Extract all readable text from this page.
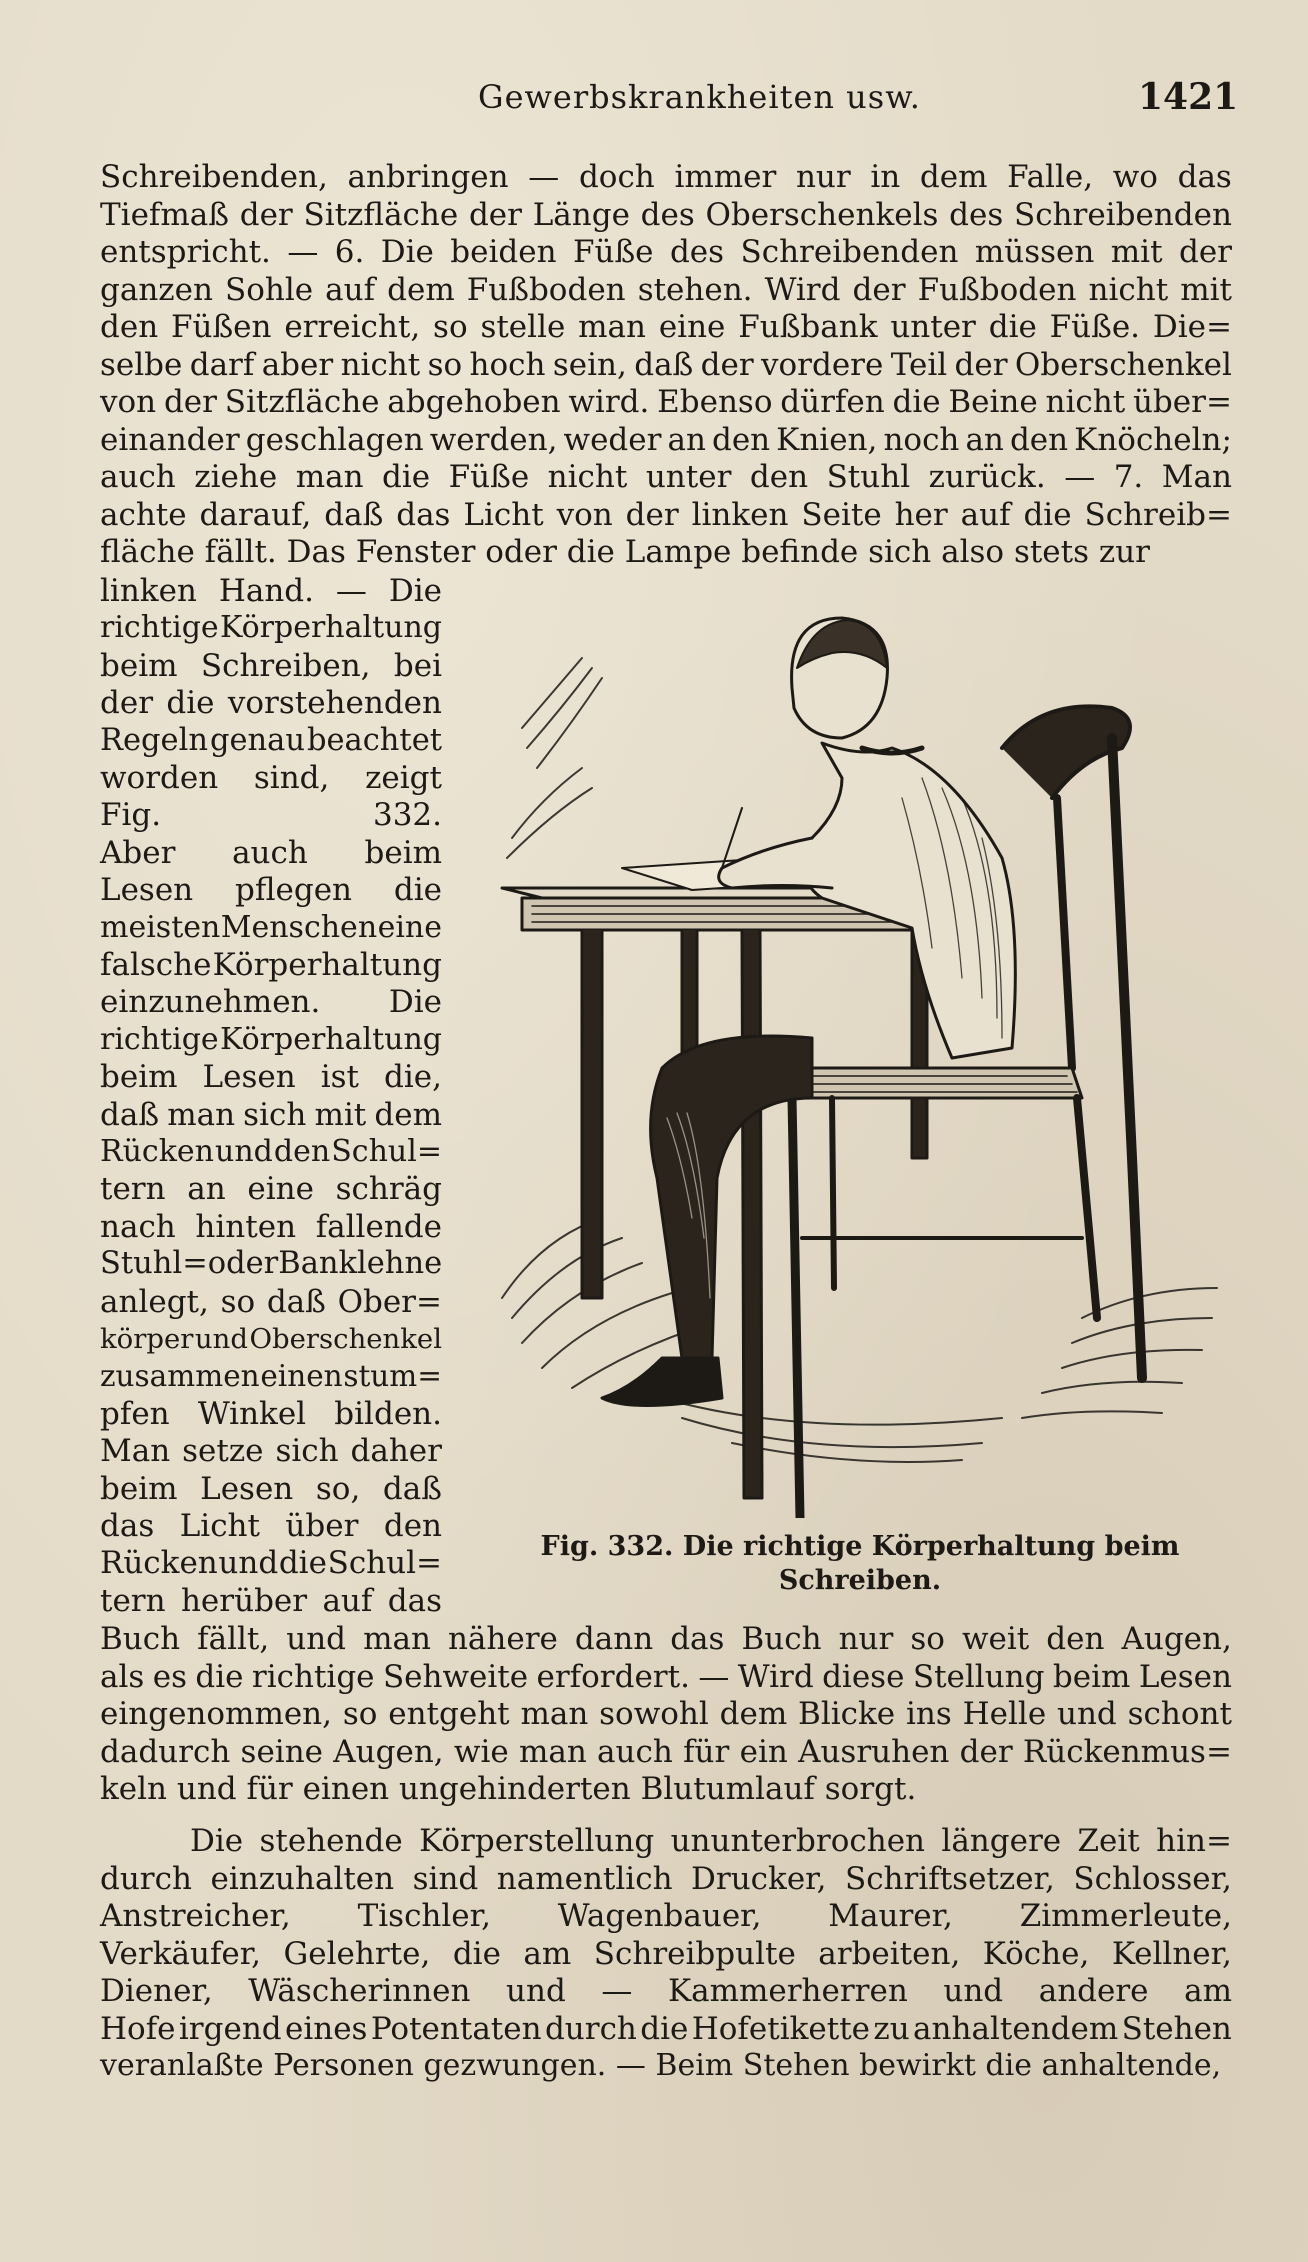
Gewerbskrankheiten usw.	1421
Schreibenden, anbringen — doch immer nur in dem Falle, wo das
Tiefmaß der Sitzfläche der Länge des Oberschenkels des Schreibenden
entspricht. — 6. Die beiden Füße des Schreibenden müssen mit der
ganzen Sohle auf dem Fußboden stehen. Wird der Fußboden nicht mit
den Füßen erreicht, so stelle man eine Fußbank unter die Füße. Die=
selbe darf aber nicht so hoch sein, daß der vordere Teil der Oberschenkel
von der Sitzfläche abgehoben wird. Ebenso dürfen die Beine nicht über=
einander geschlagen werden, weder an den Knien, noch an den Knöcheln;
auch ziehe man die Füße nicht unter den Stuhl zurück. — 7. Man
achte darauf, daß das Licht von der linken Seite her auf die Schreib=
fläche fällt. Das Fenster oder die Lampe befinde sich also stets zur
linken Hand. — Die
richtige Körperhaltung
beim Schreiben, bei
der die vorstehenden
Regeln genau beachtet
worden sind, zeigt
Fig.	332.
Aber auch beim
Lesen pflegen die
meisten Menschen eine
falsche Körperhaltung
einzunehmen. Die
richtige Körperhaltung
beim Lesen ist die,
daß man sich mit dem
Rücken und den Schul=
tern an eine schräg
nach hinten fallende
Stuhl= oder Banklehne
anlegt, so daß Ober=
körper und Oberschenkel
zusammen einen stum=
pfen Winkel bilden.
Man setze sich daher
beim Lesen so, daß
das Licht über den
Rücken und die Schul=
tern herüber auf das
Buch fällt, und man nähere dann das Buch nur so weit den Augen,
als es die richtige Sehweite erfordert. — Wird diese Stellung beim Lesen
eingenommen, so entgeht man sowohl dem Blicke ins Helle und schont
dadurch seine Augen, wie man auch für ein Ausruhen der Rückenmus=
keln und für einen ungehinderten Blutumlauf sorgt.
Die stehende Körperstellung ununterbrochen längere Zeit hin=
durch einzuhalten sind namentlich Drucker, Schriftsetzer, Schlosser,
Anstreicher, Tischler, Wagenbauer, Maurer, Zimmerleute,
Verkäufer, Gelehrte, die am Schreibpulte arbeiten, Köche, Kellner,
Diener, Wäscherinnen und — Kammerherren und andere am
Hofe irgend eines Potentaten durch die Hofetikette zu anhaltendem Stehen
veranlaßte Personen gezwungen. — Beim Stehen bewirkt die anhaltende,
Fig. 332. Die richtige Körperhaltung beim
Schreiben.
